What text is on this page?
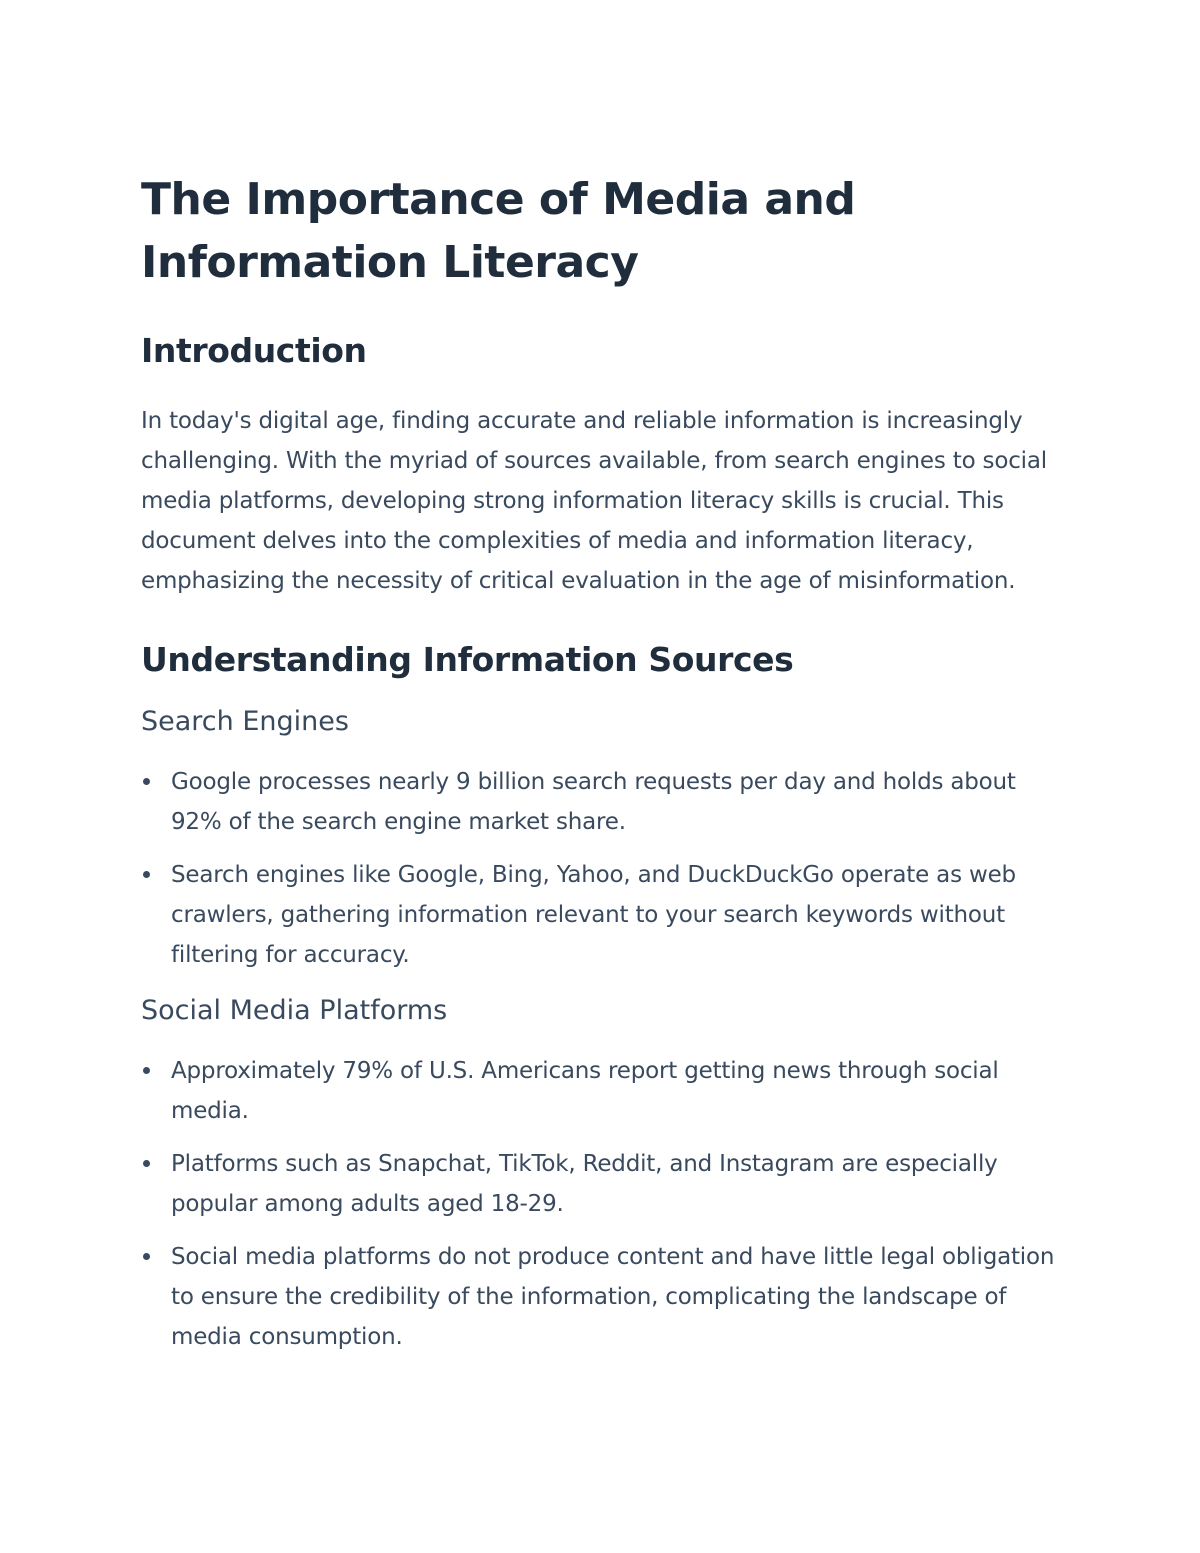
The Importance of Media and Information Literacy
Introduction

In today's digital age, finding accurate and reliable information is increasingly challenging. With the myriad of sources available, from search engines to social media platforms, developing strong information literacy skills is crucial. This document delves into the complexities of media and information literacy, emphasizing the necessity of critical evaluation in the age of misinformation.

Understanding Information Sources
Search Engines
Google processes nearly 9 billion search requests per day and holds about 92% of the search engine market share.
Search engines like Google, Bing, Yahoo, and DuckDuckGo operate as web crawlers, gathering information relevant to your search keywords without filtering for accuracy.
Social Media Platforms
Approximately 79% of U.S. Americans report getting news through social media.
Platforms such as Snapchat, TikTok, Reddit, and Instagram are especially popular among adults aged 18-29.
Social media platforms do not produce content and have little legal obligation to ensure the credibility of the information, complicating the landscape of media consumption.
